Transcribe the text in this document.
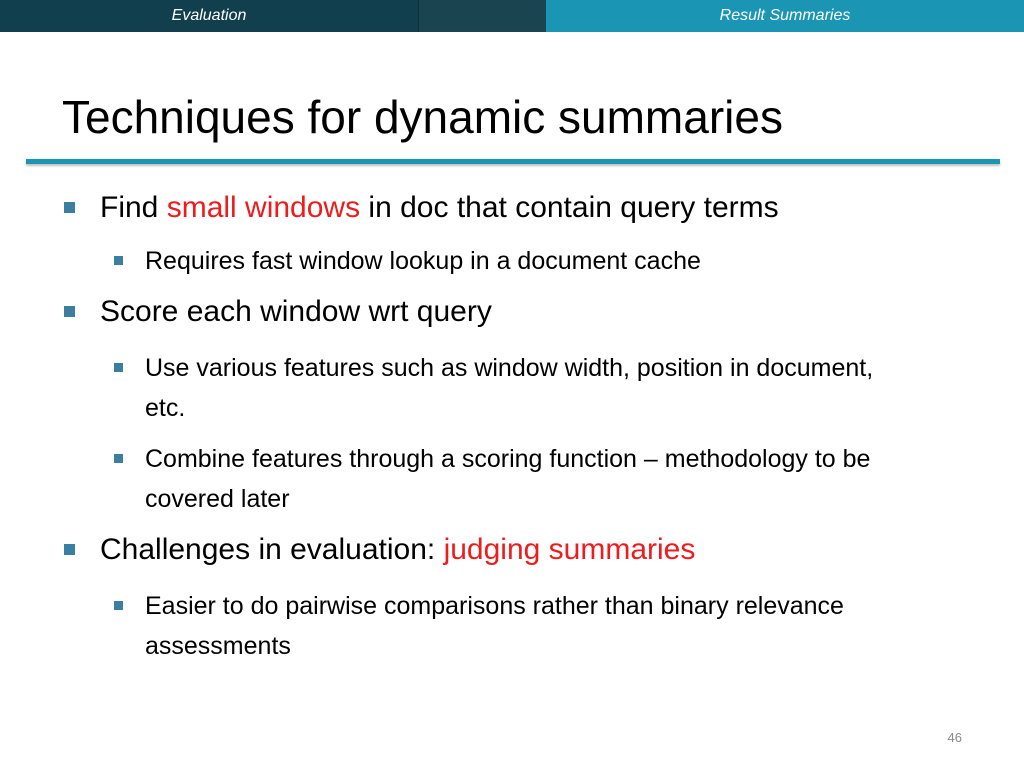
Evaluation	Result Summaries
Techniques for dynamic summaries
Find small windows in doc that contain query terms
Requires fast window lookup in a document cache
Score each window wrt query
Use various features such as window width, position in document, etc.
Combine features through a scoring function – methodology to be covered later
Challenges in evaluation: judging summaries
Easier to do pairwise comparisons rather than binary relevance assessments
46
